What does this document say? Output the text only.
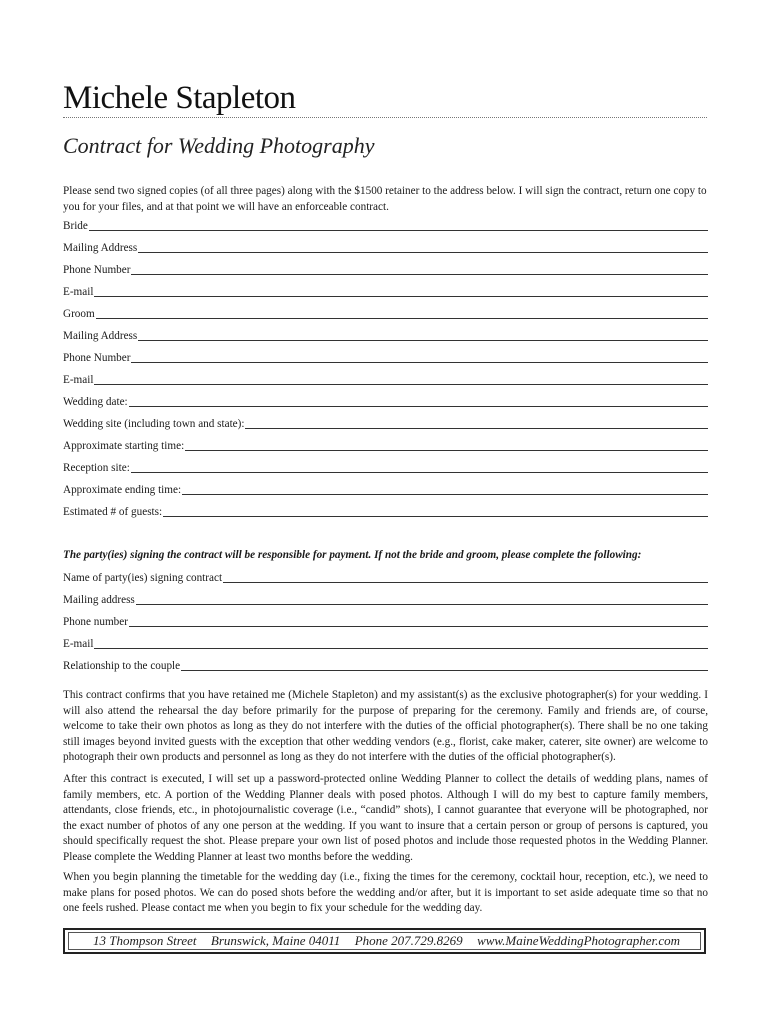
Michele Stapleton
Contract for Wedding Photography

Please send two signed copies (of all three pages) along with the $1500 retainer to the address below. I will sign the contract, return one copy to you for your files, and at that point we will have an enforceable contract.

Bride
Mailing Address
Phone Number
E-mail
Groom
Mailing Address
Phone Number
E-mail
Wedding date:
Wedding site (including town and state):
Approximate starting time:
Reception site:
Approximate ending time:
Estimated # of guests:

The party(ies) signing the contract will be responsible for payment. If not the bride and groom, please complete the following:

Name of party(ies) signing contract
Mailing address
Phone number
E-mail
Relationship to the couple

This contract confirms that you have retained me (Michele Stapleton) and my assistant(s) as the exclusive photographer(s) for your wedding. I will also attend the rehearsal the day before primarily for the purpose of preparing for the ceremony. Family and friends are, of course, welcome to take their own photos as long as they do not interfere with the duties of the official photographer(s). There shall be no one taking still images beyond invited guests with the exception that other wedding vendors (e.g., florist, cake maker, caterer, site owner) are welcome to photograph their own products and personnel as long as they do not interfere with the duties of the official photographer(s).

After this contract is executed, I will set up a password-protected online Wedding Planner to collect the details of wedding plans, names of family members, etc. A portion of the Wedding Planner deals with posed photos. Although I will do my best to capture family members, attendants, close friends, etc., in photojournalistic coverage (i.e., “candid” shots), I cannot guarantee that everyone will be photographed, nor the exact number of photos of any one person at the wedding. If you want to insure that a certain person or group of persons is captured, you should specifically request the shot. Please prepare your own list of posed photos and include those requested photos in the Wedding Planner. Please complete the Wedding Planner at least two months before the wedding.

When you begin planning the timetable for the wedding day (i.e., fixing the times for the ceremony, cocktail hour, reception, etc.), we need to make plans for posed photos. We can do posed shots before the wedding and/or after, but it is important to set aside adequate time so that no one feels rushed. Please contact me when you begin to fix your schedule for the wedding day.

13 Thompson Street Brunswick, Maine 04011 Phone 207.729.8269 www.MaineWeddingPhotographer.com
